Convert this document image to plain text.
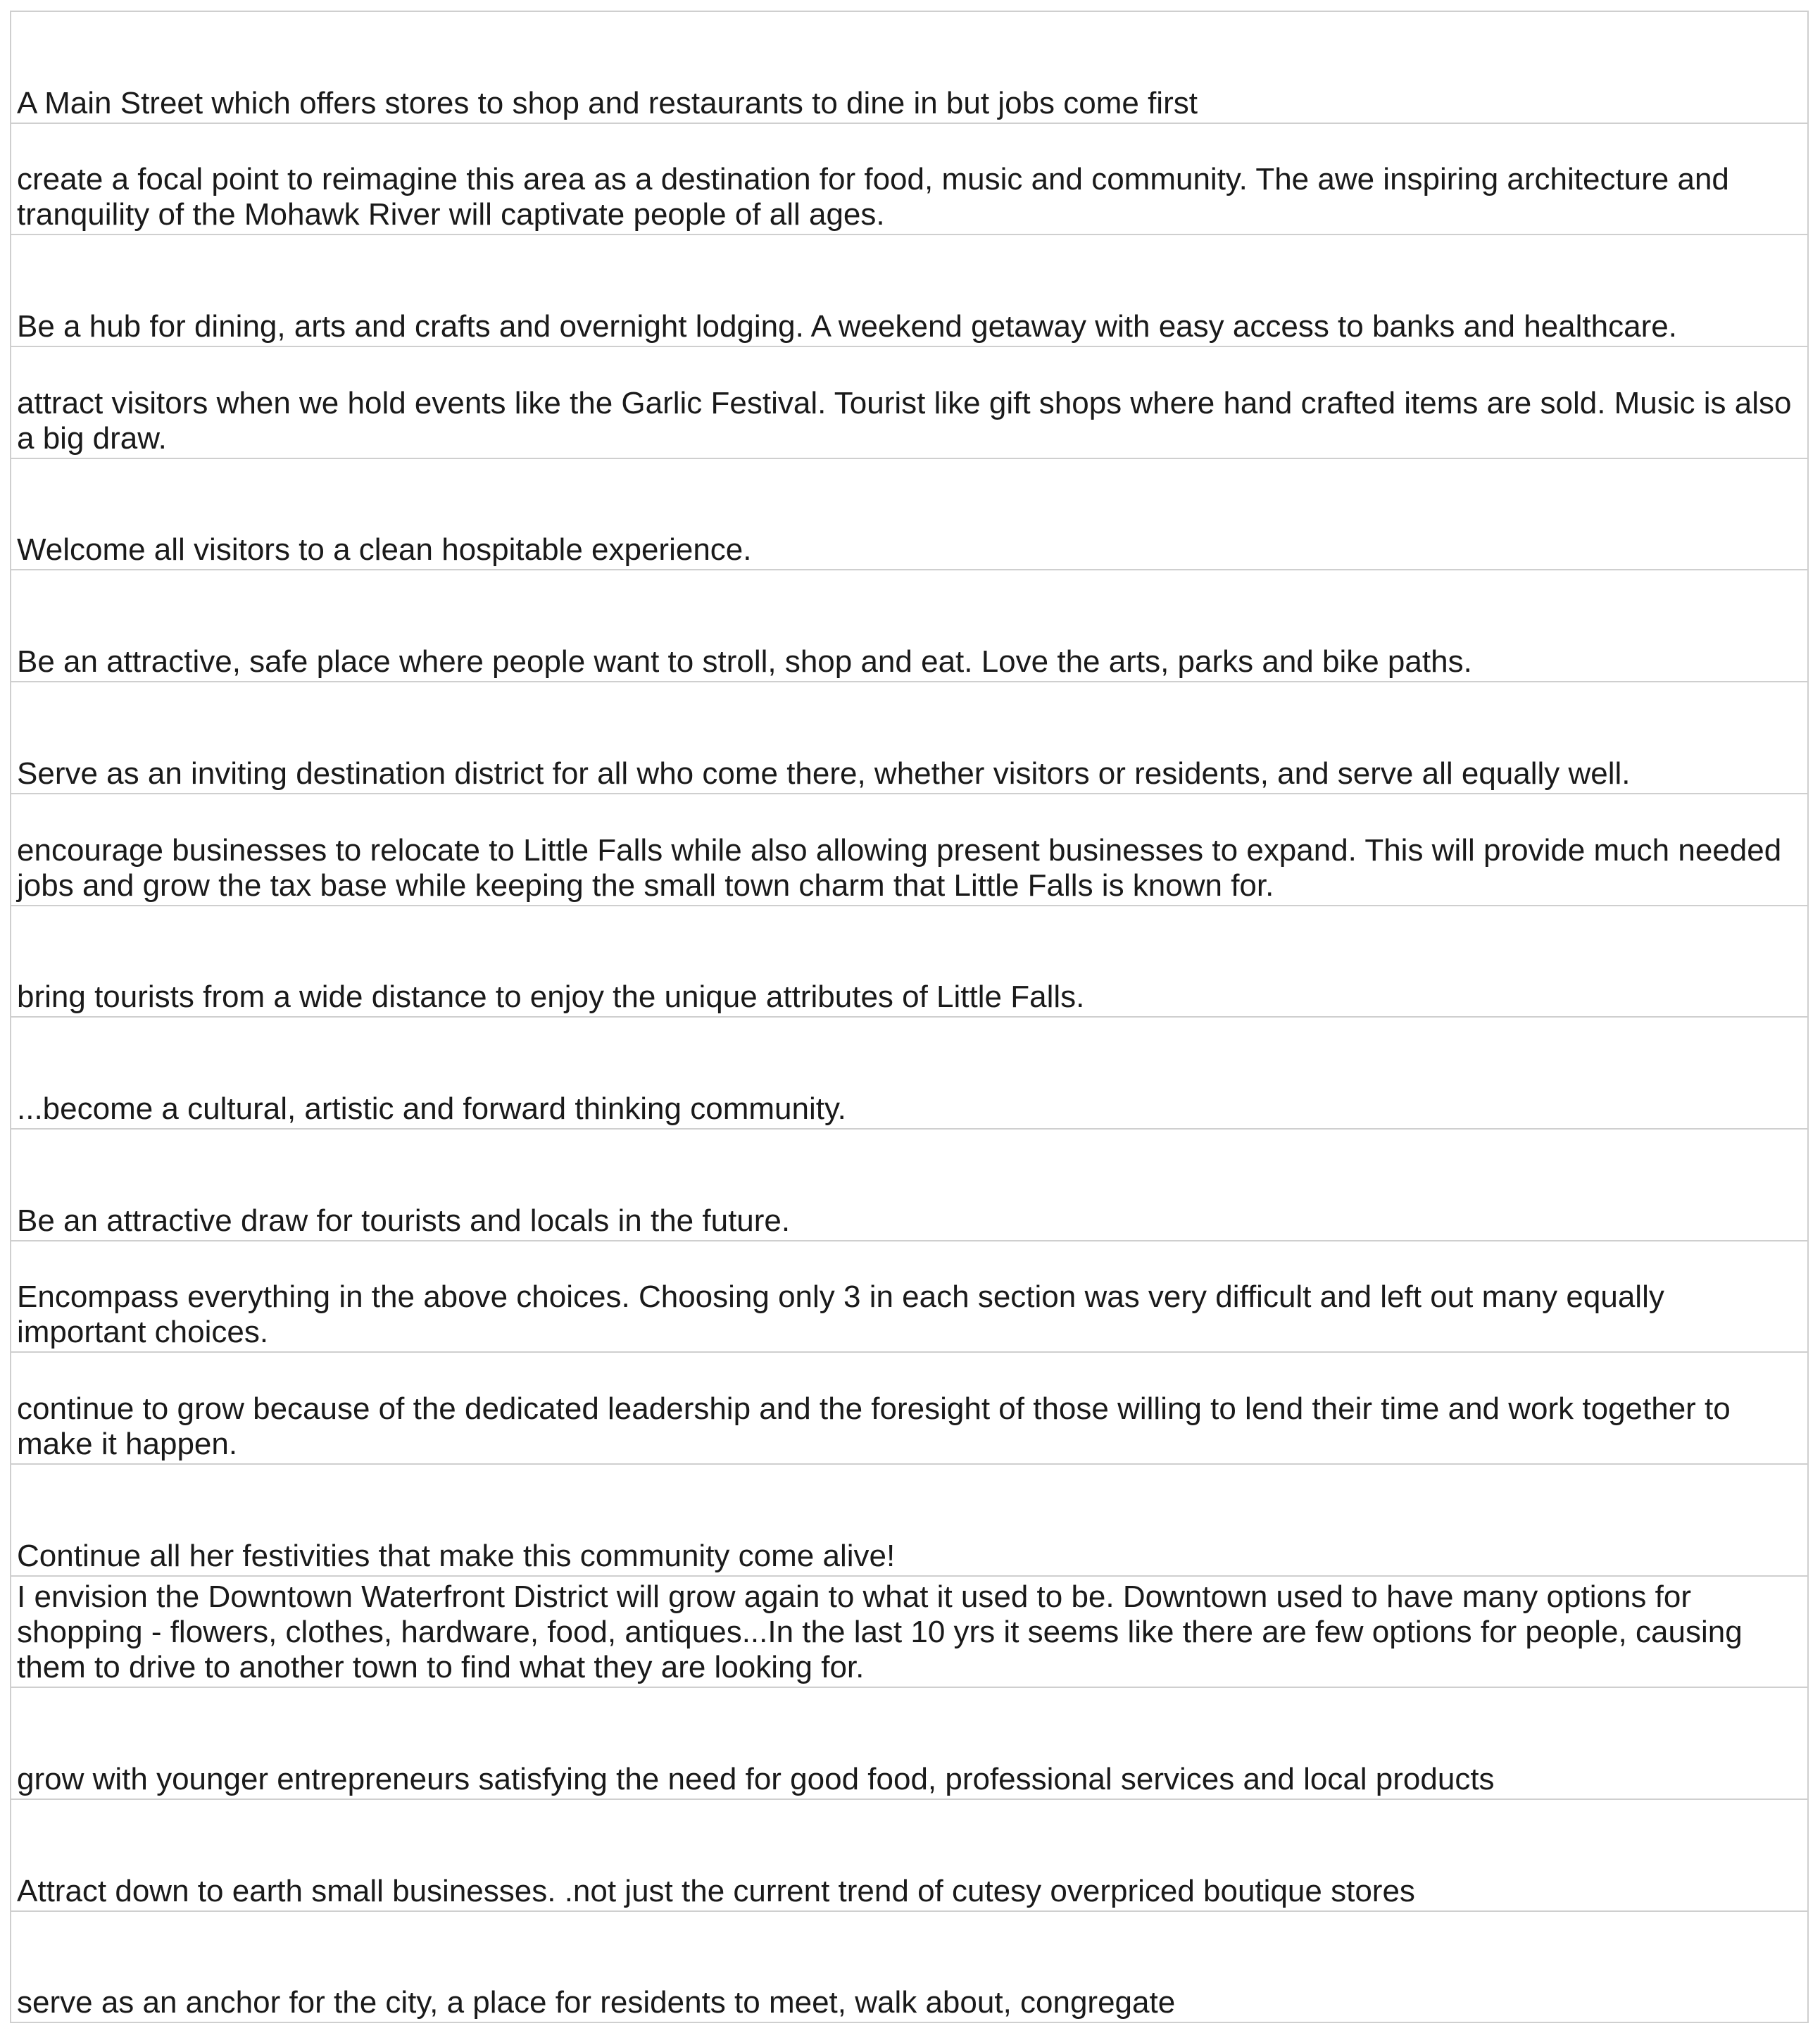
A Main Street which offers stores to shop and restaurants to dine in but jobs come first
create a focal point to reimagine this area as a destination for food, music and community. The awe inspiring architecture and tranquility of the Mohawk River will captivate people of all ages.
Be a hub for dining, arts and crafts and overnight lodging. A weekend getaway with easy access to banks and healthcare.
attract visitors when we hold events like the Garlic Festival. Tourist like gift shops where hand crafted items are sold. Music is also a big draw.
Welcome all visitors to a clean hospitable experience.
Be an attractive, safe place where people want to stroll, shop and eat. Love the arts, parks and bike paths.
Serve as an inviting destination district for all who come there, whether visitors or residents, and serve all equally well.
encourage businesses to relocate to Little Falls while also allowing present businesses to expand. This will provide much needed jobs and grow the tax base while keeping the small town charm that Little Falls is known for.
bring tourists from a wide distance to enjoy the unique attributes of Little Falls.
...become a cultural, artistic and forward thinking community.
Be an attractive draw for tourists and locals in the future.
Encompass everything in the above choices. Choosing only 3 in each section was very difficult and left out many equally important choices.
continue to grow because of the dedicated leadership and the foresight of those willing to lend their time and work together to make it happen.
Continue all her festivities that make this community come alive!
I envision the Downtown Waterfront District will grow again to what it used to be. Downtown used to have many options for shopping - flowers, clothes, hardware, food, antiques...In the last 10 yrs it seems like there are few options for people, causing them to drive to another town to find what they are looking for.
grow with younger entrepreneurs satisfying the need for good food, professional services and local products
Attract down to earth small businesses. .not just the current trend of cutesy overpriced boutique stores
serve as an anchor for the city, a place for residents to meet, walk about, congregate
